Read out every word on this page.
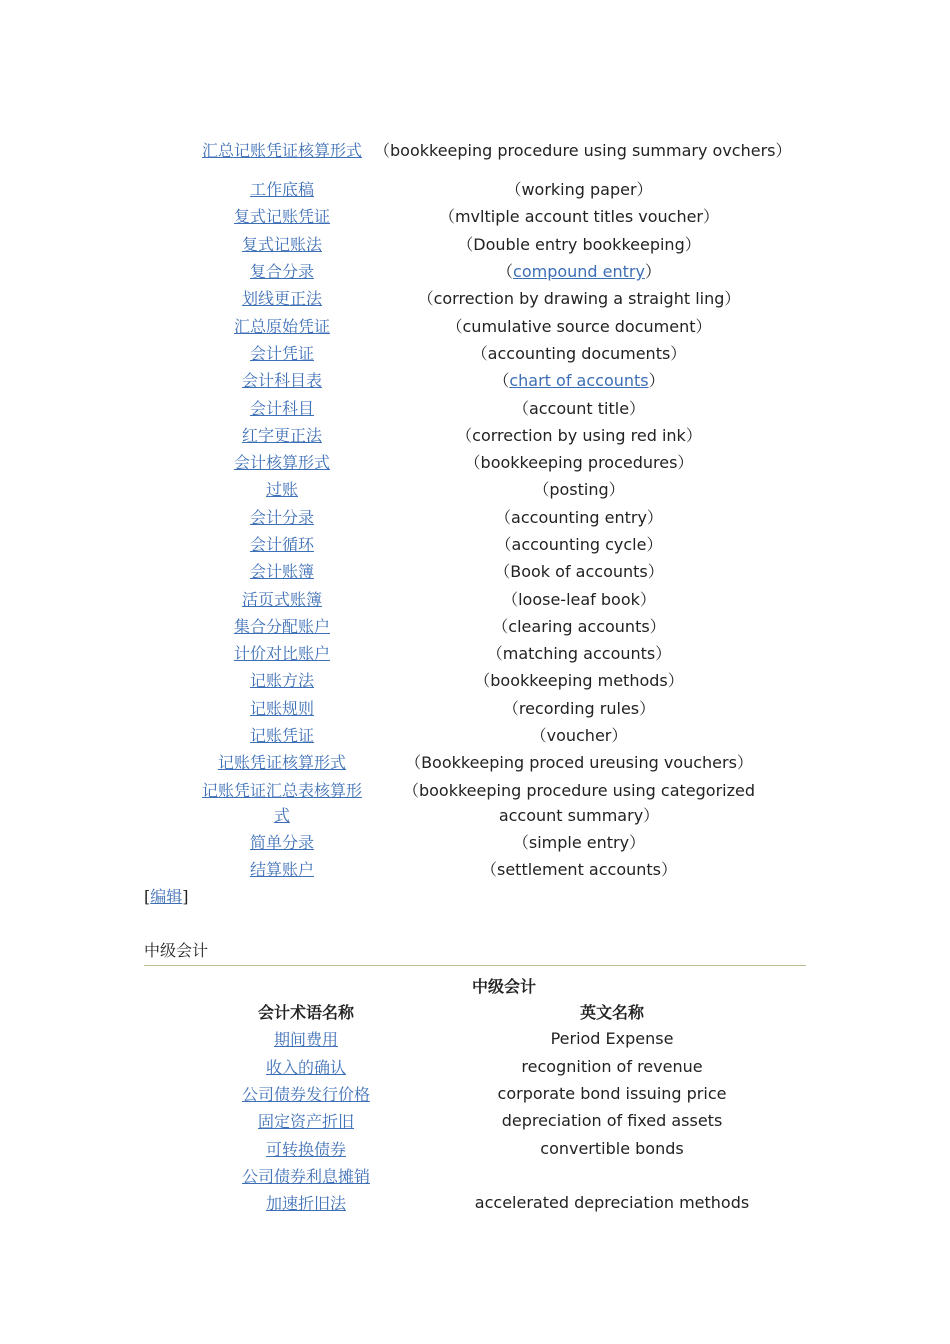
汇总记账凭证核算形式	（bookkeeping procedure using summary ovchers）
工作底稿	（working paper）
复式记账凭证	（mvltiple account titles voucher）
复式记账法	（Double entry bookkeeping）
复合分录	（compound entry）
划线更正法	（correction by drawing a straight ling）
汇总原始凭证	（cumulative source document）
会计凭证	（accounting documents）
会计科目表	（chart of accounts）
会计科目	（account title）
红字更正法	（correction by using red ink）
会计核算形式	（bookkeeping procedures）
过账	（posting）
会计分录	（accounting entry）
会计循环	（accounting cycle）
会计账簿	（Book of accounts）
活页式账簿	（loose-leaf book）
集合分配账户	（clearing accounts）
计价对比账户	（matching accounts）
记账方法	（bookkeeping methods）
记账规则	（recording rules）
记账凭证	（voucher）
记账凭证核算形式	（Bookkeeping proced ureusing vouchers）
记账凭证汇总表核算形式	（bookkeeping procedure using categorized account summary）
简单分录	（simple entry）
结算账户	（settlement accounts）
[编辑]
中级会计
中级会计
会计术语名称	英文名称
期间费用	Period Expense
收入的确认	recognition of revenue
公司债券发行价格	corporate bond issuing price
固定资产折旧	depreciation of fixed assets
可转换债券	convertible bonds
公司债券利息摊销	
加速折旧法	accelerated depreciation methods
